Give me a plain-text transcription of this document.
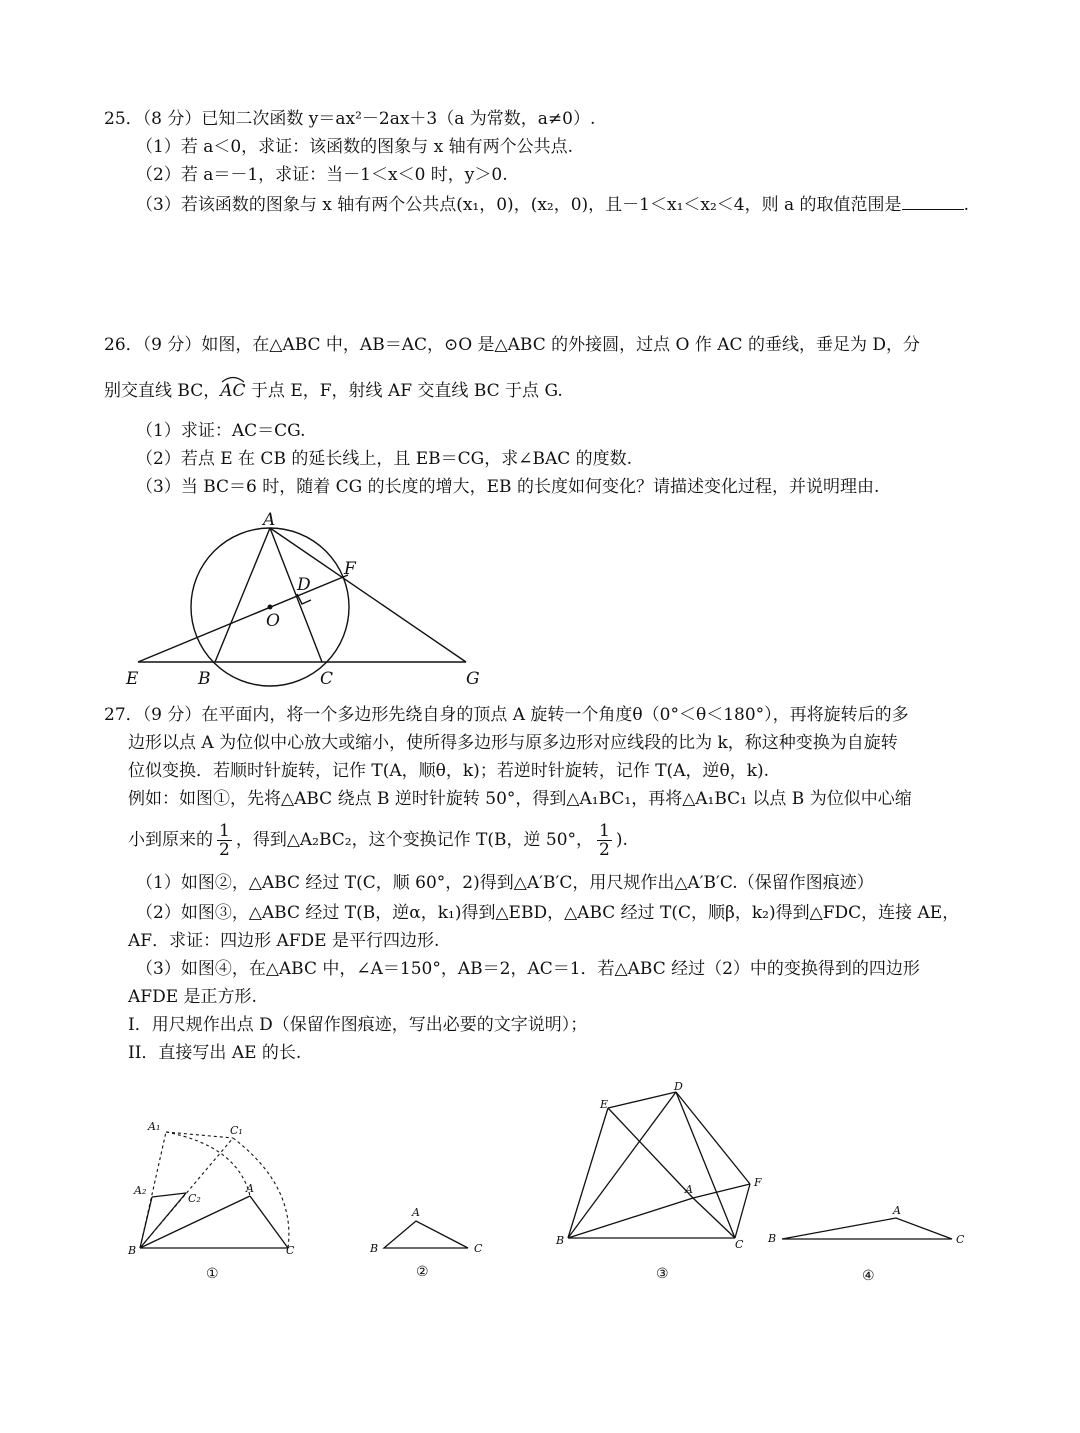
25．（8 分）已知二次函数 y＝ax²－2ax＋3（a 为常数，a≠0）.
（1）若 a＜0，求证：该函数的图象与 x 轴有两个公共点.
（2）若 a＝－1，求证：当－1＜x＜0 时，y＞0.
（3）若该函数的图象与 x 轴有两个公共点(x₁，0)，(x₂，0)，且－1＜x₁＜x₂＜4，则 a 的取值范围是	.
26．（9 分）如图，在△ABC 中，AB＝AC，⊙O 是△ABC 的外接圆，过点 O 作 AC 的垂线，垂足为 D，分
别交直线 BC，
AC 于点 E，F，射线 AF 交直线 BC 于点 G.
（1）求证：AC＝CG.
（2）若点 E 在 CB 的延长线上，且 EB＝CG，求∠BAC 的度数.
（3）当 BC＝6 时，随着 CG 的长度的增大，EB 的长度如何变化？请描述变化过程，并说明理由.
A
B	C
D
E
F
G
O
27．（9 分）在平面内，将一个多边形先绕自身的顶点 A 旋转一个角度θ（0°＜θ＜180°），再将旋转后的多
边形以点 A 为位似中心放大或缩小，使所得多边形与原多边形对应线段的比为 k，称这种变换为自旋转
位似变换．若顺时针旋转，记作 T(A，顺θ，k)；若逆时针旋转，记作 T(A，逆θ，k).
例如：如图①，先将△ABC 绕点 B 逆时针旋转 50°，得到△A₁BC₁，再将△A₁BC₁ 以点 B 为位似中心缩
小到原来的 $\frac{1}{2}$ ，得到△A₂BC₂，这个变换记作 T(B，逆 50°， $\frac{1}{2}$ ).
（1）如图②，△ABC 经过 T(C，顺 60°，2)得到△A′B′C，用尺规作出△A′B′C.（保留作图痕迹）
（2）如图③，△ABC 经过 T(B，逆α，k₁)得到△EBD，△ABC 经过 T(C，顺β，k₂)得到△FDC，连接 AE，
AF．求证：四边形 AFDE 是平行四边形.
（3）如图④，在△ABC 中，∠A＝150°，AB＝2，AC＝1．若△ABC 经过（2）中的变换得到的四边形
AFDE 是正方形.
I．用尺规作出点 D（保留作图痕迹，写出必要的文字说明）；
II．直接写出 AE 的长.
A₁	C₁
A₂
C₂
A
B	C
①
A
B	C
②
D
E
F
A
B	C
③
A
B	C
④
